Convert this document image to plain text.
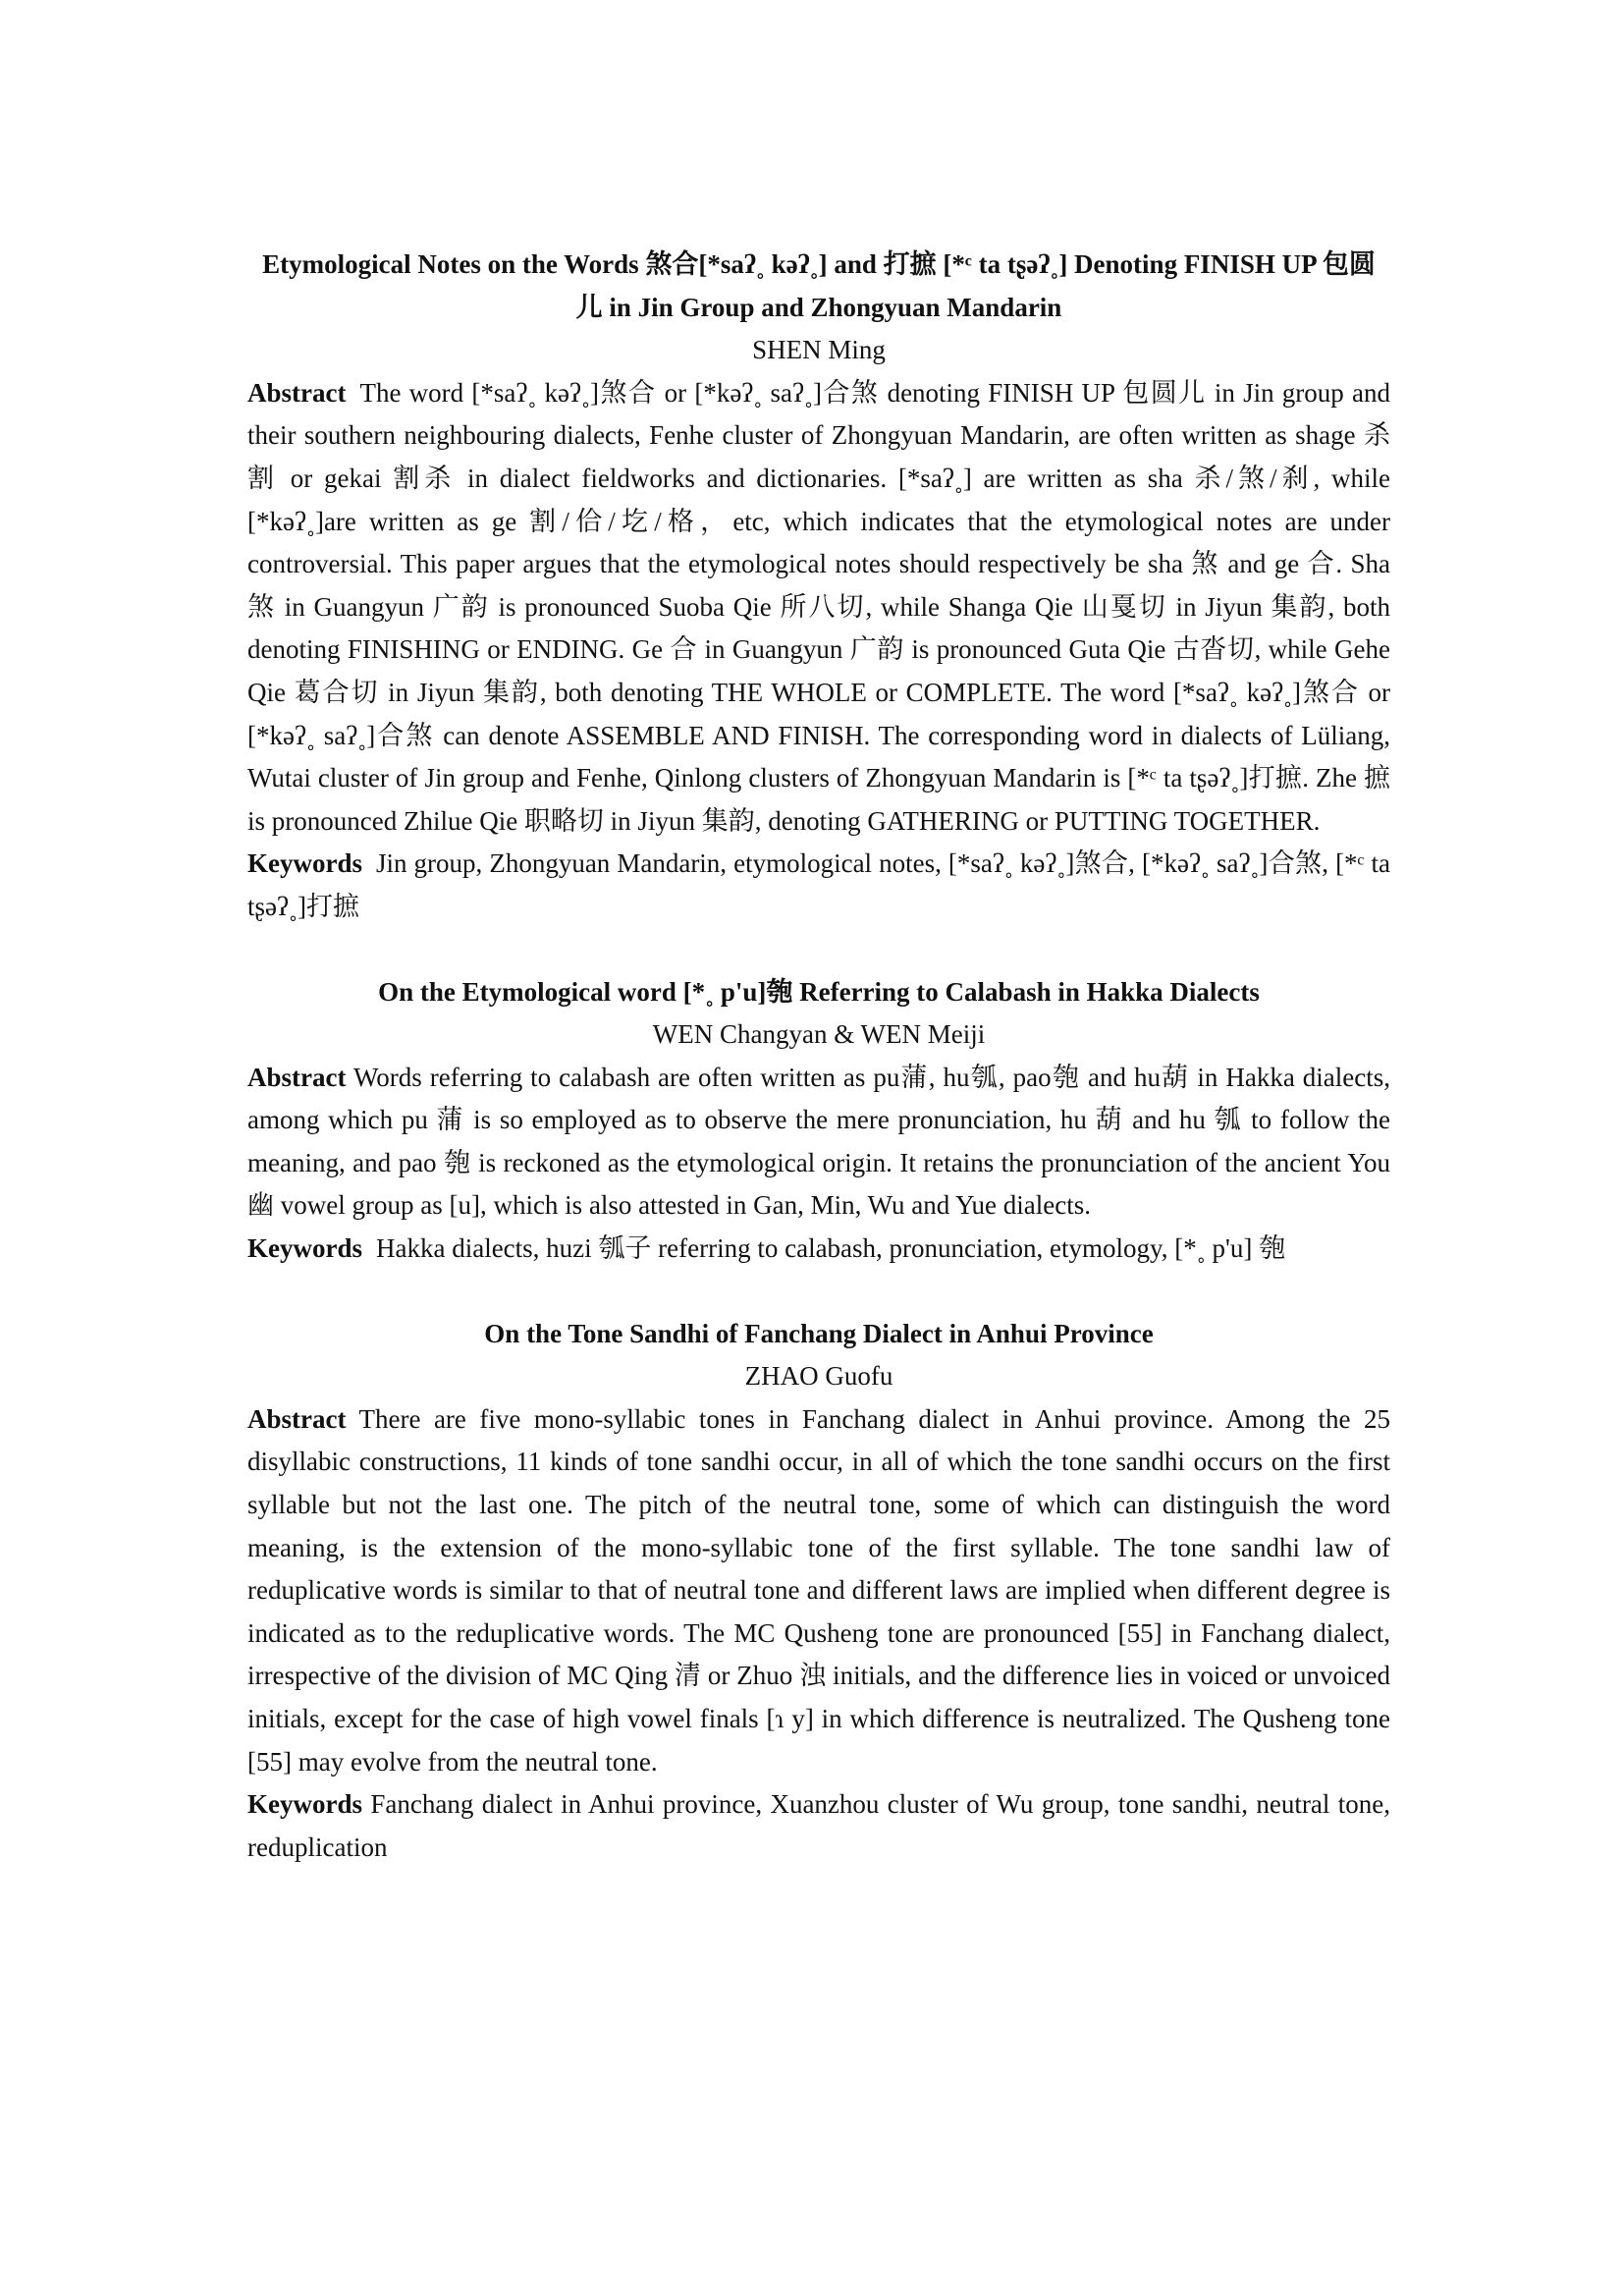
Etymological Notes on the Words 煞合[*saʔ˳ kəʔ˳] and 打摭 [*ᶜ ta tʂəʔ˳] Denoting FINISH UP 包圆儿 in Jin Group and Zhongyuan Mandarin

SHEN Ming

Abstract The word [*saʔ˳ kəʔ˳]煞合 or [*kəʔ˳ saʔ˳]合煞 denoting FINISH UP 包圆儿 in Jin group and their southern neighbouring dialects, Fenhe cluster of Zhongyuan Mandarin, are often written as shage 杀割 or gekai 割杀 in dialect fieldworks and dictionaries. [*saʔ˳] are written as sha 杀/煞/刹, while [*kəʔ˳]are written as ge 割/佮/圪/格，etc, which indicates that the etymological notes are under controversial. This paper argues that the etymological notes should respectively be sha 煞 and ge 合. Sha 煞 in Guangyun 广韵 is pronounced Suoba Qie 所八切, while Shanga Qie 山戛切 in Jiyun 集韵, both denoting FINISHING or ENDING. Ge 合 in Guangyun 广韵 is pronounced Guta Qie 古沓切, while Gehe Qie 葛合切 in Jiyun 集韵, both denoting THE WHOLE or COMPLETE. The word [*saʔ˳ kəʔ˳]煞合 or [*kəʔ˳ saʔ˳]合煞 can denote ASSEMBLE AND FINISH. The corresponding word in dialects of Lüliang, Wutai cluster of Jin group and Fenhe, Qinlong clusters of Zhongyuan Mandarin is [*ᶜ ta tʂəʔ˳]打摭. Zhe 摭 is pronounced Zhilue Qie 职略切 in Jiyun 集韵, denoting GATHERING or PUTTING TOGETHER.

Keywords Jin group, Zhongyuan Mandarin, etymological notes, [*saʔ˳ kəʔ˳]煞合, [*kəʔ˳ saʔ˳]合煞, [*ᶜ ta tʂəʔ˳]打摭

On the Etymological word [*˳ p'u]匏 Referring to Calabash in Hakka Dialects

WEN Changyan & WEN Meiji

Abstract Words referring to calabash are often written as pu蒲, hu瓠, pao匏 and hu葫 in Hakka dialects, among which pu 蒲 is so employed as to observe the mere pronunciation, hu 葫 and hu 瓠 to follow the meaning, and pao 匏 is reckoned as the etymological origin. It retains the pronunciation of the ancient You 幽 vowel group as [u], which is also attested in Gan, Min, Wu and Yue dialects.

Keywords Hakka dialects, huzi 瓠子 referring to calabash, pronunciation, etymology, [*˳ p'u] 匏

On the Tone Sandhi of Fanchang Dialect in Anhui Province

ZHAO Guofu

Abstract There are five mono-syllabic tones in Fanchang dialect in Anhui province. Among the 25 disyllabic constructions, 11 kinds of tone sandhi occur, in all of which the tone sandhi occurs on the first syllable but not the last one. The pitch of the neutral tone, some of which can distinguish the word meaning, is the extension of the mono-syllabic tone of the first syllable. The tone sandhi law of reduplicative words is similar to that of neutral tone and different laws are implied when different degree is indicated as to the reduplicative words. The MC Qusheng tone are pronounced [55] in Fanchang dialect, irrespective of the division of MC Qing 清 or Zhuo 浊 initials, and the difference lies in voiced or unvoiced initials, except for the case of high vowel finals [ɿ y] in which difference is neutralized. The Qusheng tone [55] may evolve from the neutral tone.

Keywords Fanchang dialect in Anhui province, Xuanzhou cluster of Wu group, tone sandhi, neutral tone, reduplication
